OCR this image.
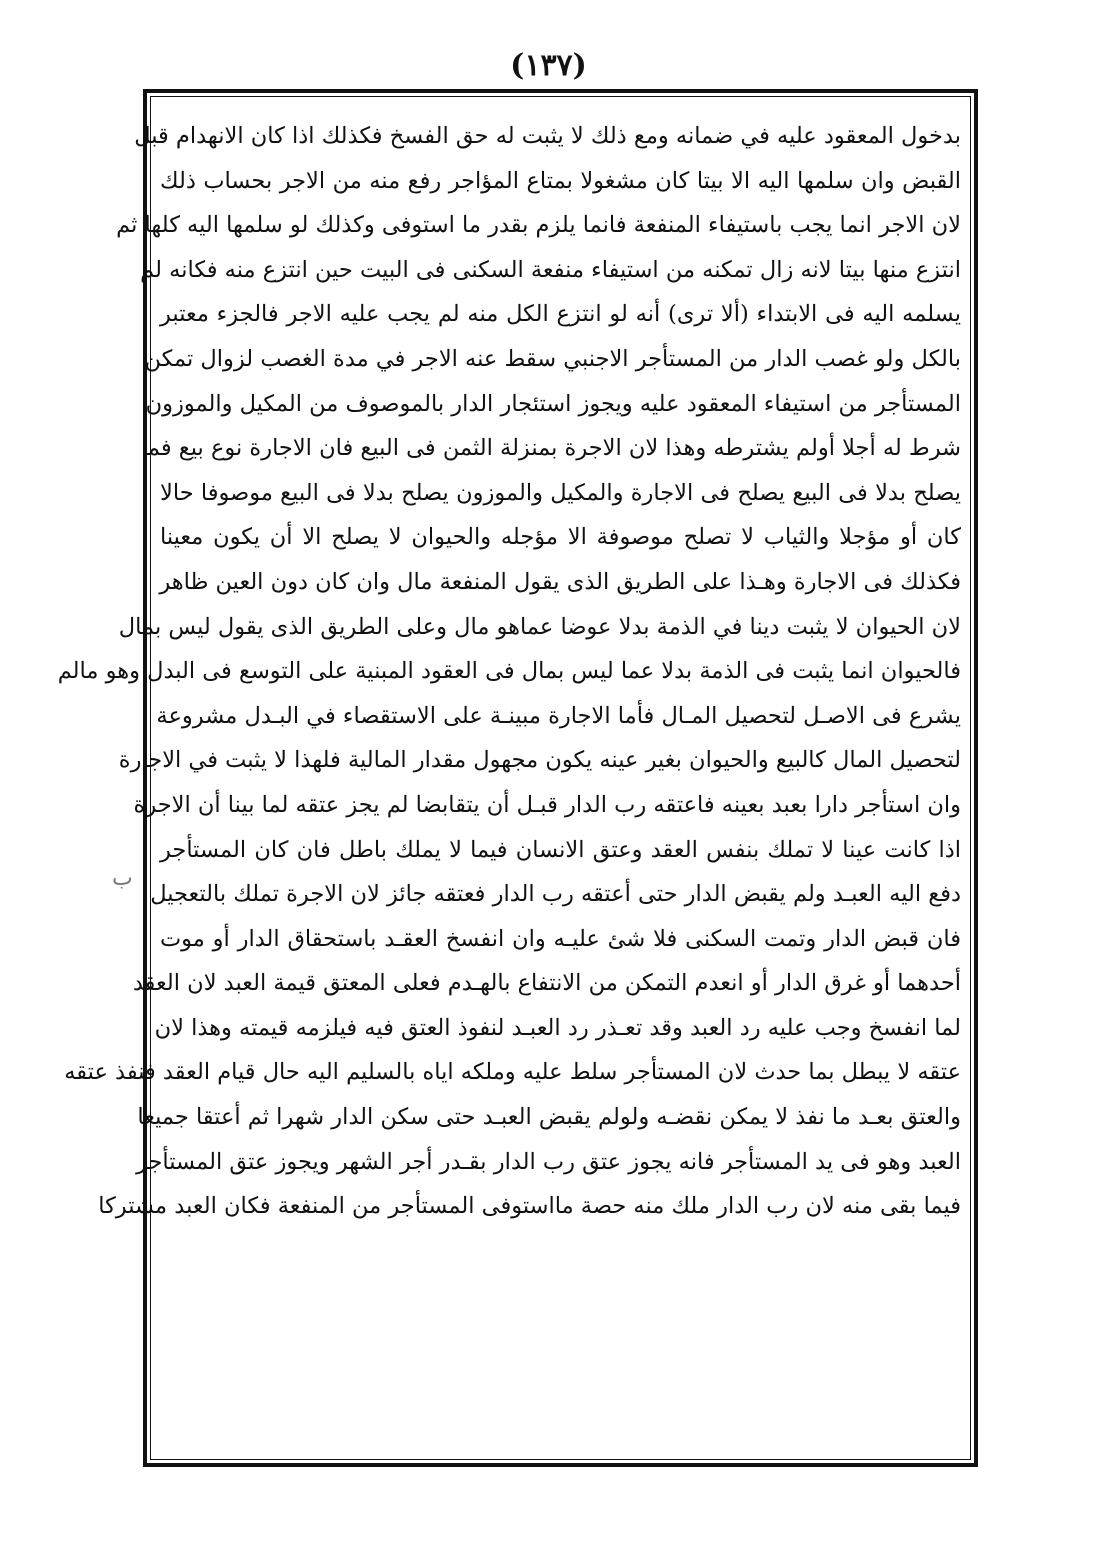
(١٣٧)
ب
بدخول المعقود عليه في ضمانه ومع ذلك لا يثبت له حق الفسخ فكذلك اذا كان الانهدام قبل
القبض وان سلمها اليه الا بيتا كان مشغولا بمتاع المؤاجر رفع منه من الاجر بحساب ذلك
لان الاجر انما يجب باستيفاء المنفعة فانما يلزم بقدر ما استوفى وكذلك لو سلمها اليه كلها ثم
انتزع منها بيتا لانه زال تمكنه من استيفاء منفعة السكنى فى البيت حين انتزع منه فكانه لم
يسلمه اليه فى الابتداء (ألا ترى) أنه لو انتزع الكل منه لم يجب عليه الاجر فالجزء معتبر
بالكل ولو غصب الدار من المستأجر الاجنبي سقط عنه الاجر في مدة الغصب لزوال تمكن
المستأجر من استيفاء المعقود عليه ويجوز استئجار الدار بالموصوف من المكيل والموزون
شرط له أجلا أولم يشترطه وهذا لان الاجرة بمنزلة الثمن فى البيع فان الاجارة نوع بيع فما
يصلح بدلا فى البيع يصلح فى الاجارة والمكيل والموزون يصلح بدلا فى البيع موصوفا حالا
كان أو مؤجلا والثياب لا تصلح موصوفة الا مؤجله والحيوان لا يصلح الا أن يكون معينا
فكذلك فى الاجارة وهـذا على الطريق الذى يقول المنفعة مال وان كان دون العين ظاهر
لان الحيوان لا يثبت دينا في الذمة بدلا عوضا عماهو مال وعلى الطريق الذى يقول ليس بمال
فالحيوان انما يثبت فى الذمة بدلا عما ليس بمال فى العقود المبنية على التوسع فى البدل وهو مالم
يشرع فى الاصـل لتحصيل المـال فأما الاجارة مبينـة على الاستقصاء في البـدل مشروعة
لتحصيل المال كالبيع والحيوان بغير عينه يكون مجهول مقدار المالية فلهذا لا يثبت في الاجارة
وان استأجر دارا بعبد بعينه فاعتقه رب الدار قبـل أن يتقابضا لم يجز عتقه لما بينا أن الاجرة
اذا كانت عينا لا تملك بنفس العقد وعتق الانسان فيما لا يملك باطل فان كان المستأجر
دفع اليه العبـد ولم يقبض الدار حتى أعتقه رب الدار فعتقه جائز لان الاجرة تملك بالتعجيل
فان قبض الدار وتمت السكنى فلا شئ عليـه وان انفسخ العقـد باستحقاق الدار أو موت
أحدهما أو غرق الدار أو انعدم التمكن من الانتفاع بالهـدم فعلى المعتق قيمة العبد لان العقد
لما انفسخ وجب عليه رد العبد وقد تعـذر رد العبـد لنفوذ العتق فيه فيلزمه قيمته وهذا لان
عتقه لا يبطل بما حدث لان المستأجر سلط عليه وملكه اياه بالسليم اليه حال قيام العقد فنفذ عتقه
والعتق بعـد ما نفذ لا يمكن نقضـه ولولم يقبض العبـد حتى سكن الدار شهرا ثم أعتقا جميعا
العبد وهو فى يد المستأجر فانه يجوز عتق رب الدار بقـدر أجر الشهر ويجوز عتق المستأجر
فيما بقى منه لان رب الدار ملك منه حصة مااستوفى المستأجر من المنفعة فكان العبد مشتركا
